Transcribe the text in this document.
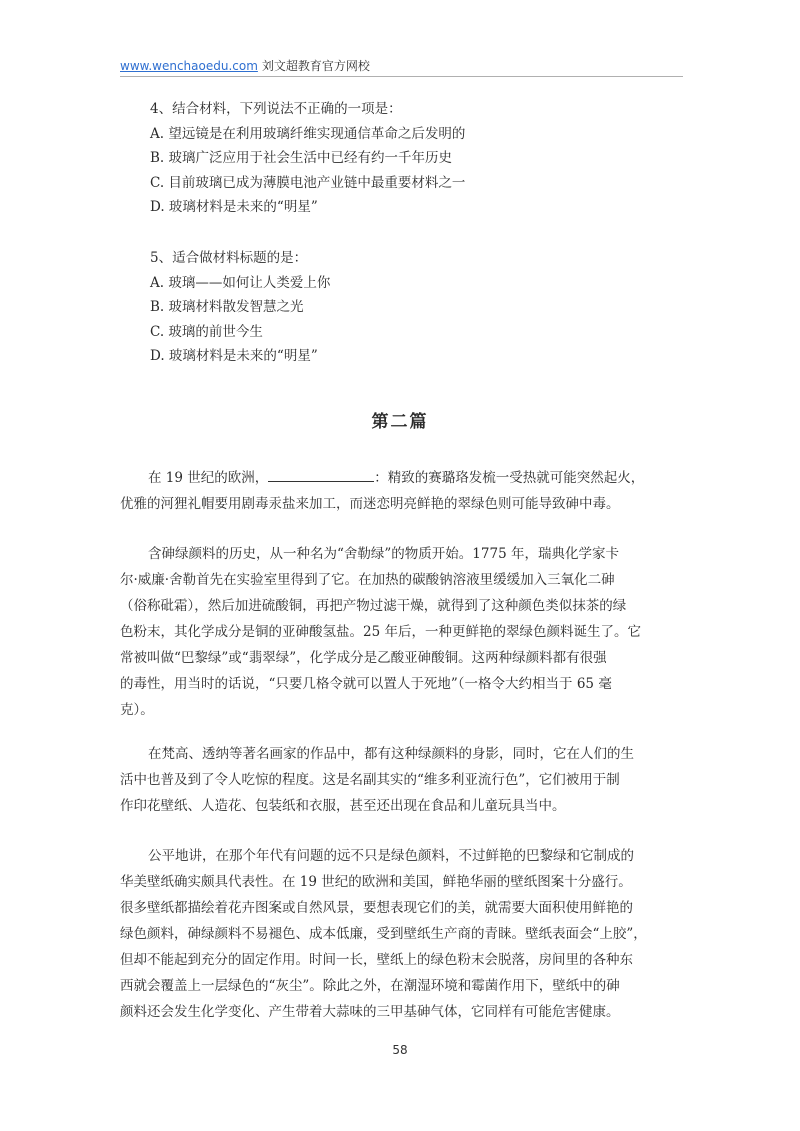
www.wenchaoedu.com 刘文超教育官方网校
4、结合材料，下列说法不正确的一项是：
A. 望远镜是在利用玻璃纤维实现通信革命之后发明的
B. 玻璃广泛应用于社会生活中已经有约一千年历史
C. 目前玻璃已成为薄膜电池产业链中最重要材料之一
D. 玻璃材料是未来的“明星”
5、适合做材料标题的是：
A. 玻璃——如何让人类爱上你
B. 玻璃材料散发智慧之光
C. 玻璃的前世今生
D. 玻璃材料是未来的“明星”
第二篇
在 19 世纪的欧洲，	：精致的赛璐珞发梳一受热就可能突然起火，
优雅的河狸礼帽要用剧毒汞盐来加工，而迷恋明亮鲜艳的翠绿色则可能导致砷中毒。
含砷绿颜料的历史，从一种名为“舍勒绿”的物质开始。1775 年，瑞典化学家卡
尔·威廉·舍勒首先在实验室里得到了它。在加热的碳酸钠溶液里缓缓加入三氧化二砷
（俗称砒霜），然后加进硫酸铜，再把产物过滤干燥，就得到了这种颜色类似抹茶的绿
色粉末，其化学成分是铜的亚砷酸氢盐。25 年后，一种更鲜艳的翠绿色颜料诞生了。它
常被叫做“巴黎绿”或“翡翠绿”，化学成分是乙酸亚砷酸铜。这两种绿颜料都有很强
的毒性，用当时的话说，“只要几格令就可以置人于死地”（一格令大约相当于 65 毫
克）。
在梵高、透纳等著名画家的作品中，都有这种绿颜料的身影，同时，它在人们的生
活中也普及到了令人吃惊的程度。这是名副其实的“维多利亚流行色”，它们被用于制
作印花壁纸、人造花、包装纸和衣服，甚至还出现在食品和儿童玩具当中。
公平地讲，在那个年代有问题的远不只是绿色颜料，不过鲜艳的巴黎绿和它制成的
华美壁纸确实颇具代表性。在 19 世纪的欧洲和美国，鲜艳华丽的壁纸图案十分盛行。
很多壁纸都描绘着花卉图案或自然风景，要想表现它们的美，就需要大面积使用鲜艳的
绿色颜料，砷绿颜料不易褪色、成本低廉，受到壁纸生产商的青睐。壁纸表面会“上胶”，
但却不能起到充分的固定作用。时间一长，壁纸上的绿色粉末会脱落，房间里的各种东
西就会覆盖上一层绿色的“灰尘”。除此之外，在潮湿环境和霉菌作用下，壁纸中的砷
颜料还会发生化学变化、产生带着大蒜味的三甲基砷气体，它同样有可能危害健康。
58
